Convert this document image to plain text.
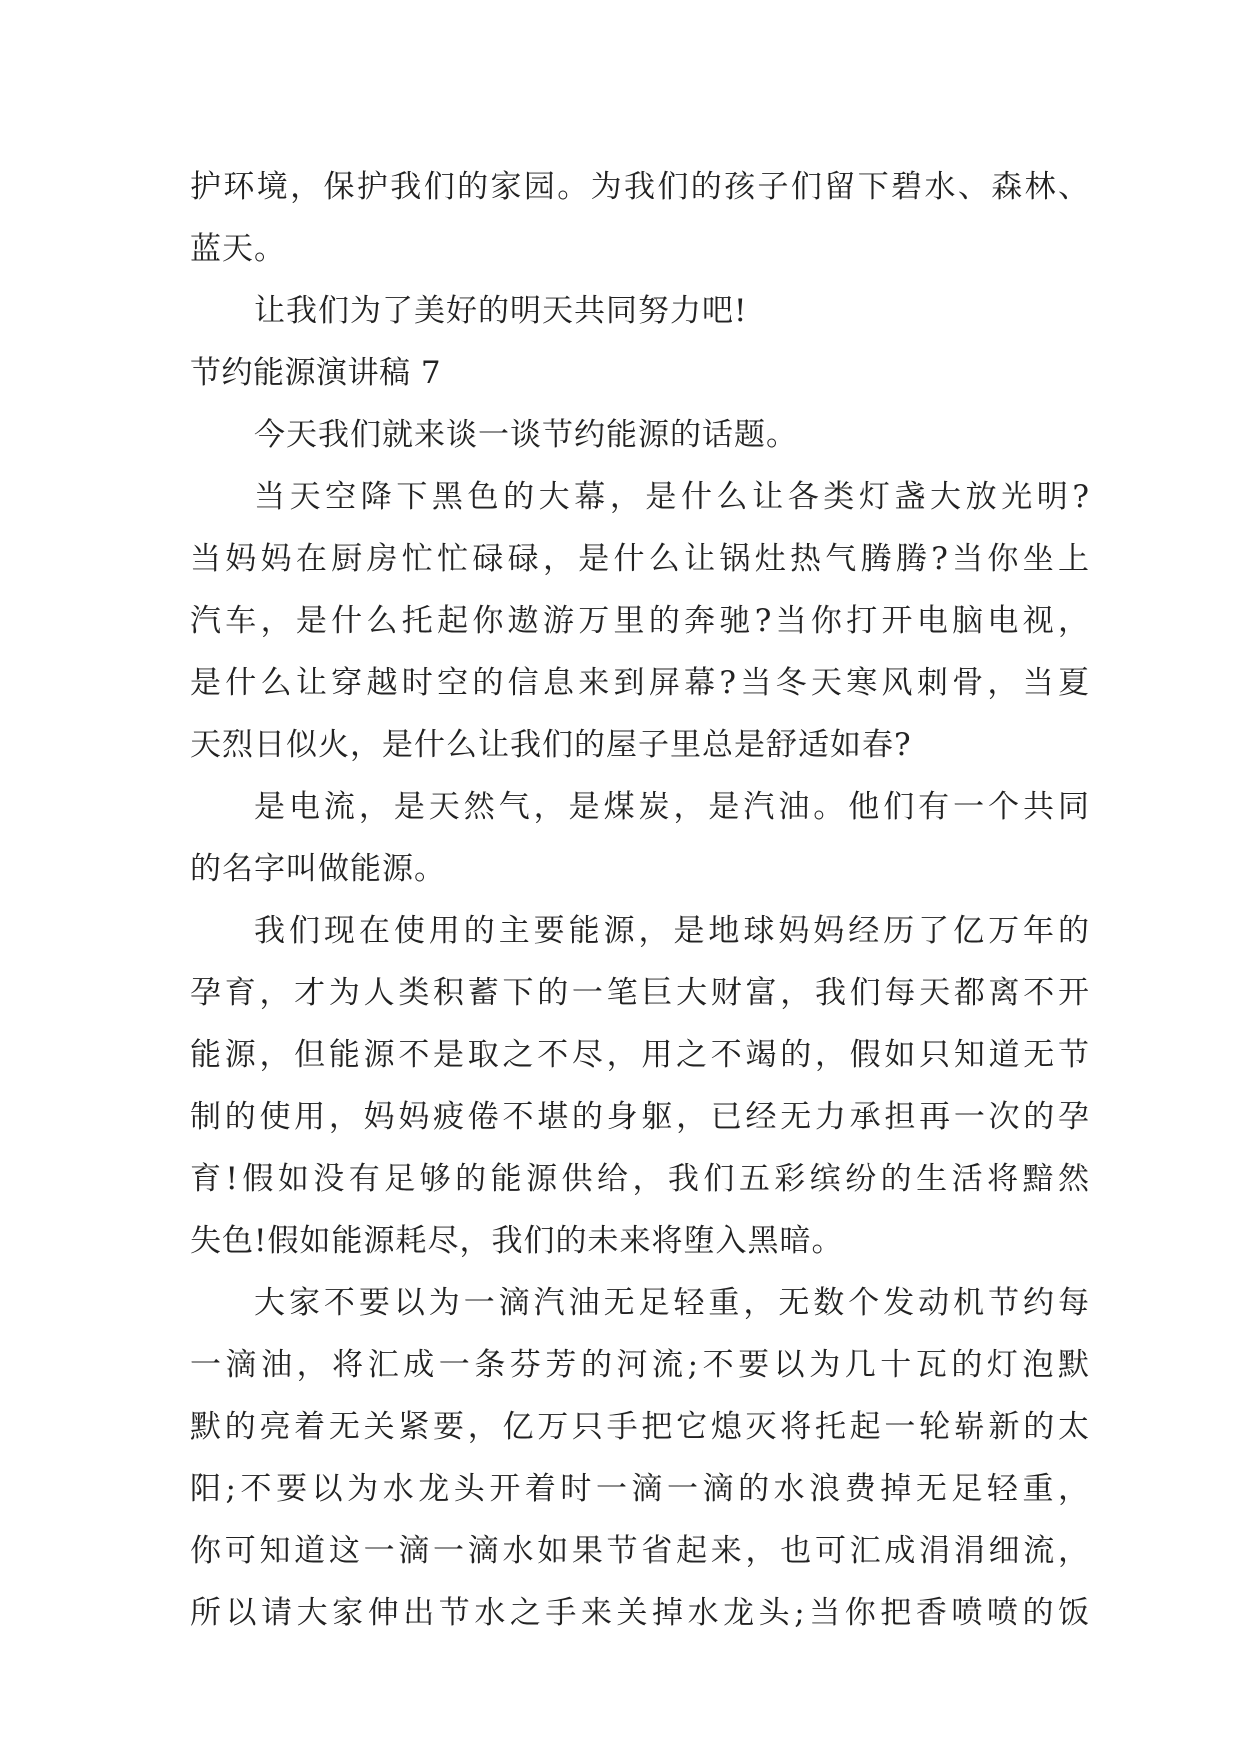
护环境，保护我们的家园。为我们的孩子们留下碧水、森林、
蓝天。
让我们为了美好的明天共同努力吧!
节约能源演讲稿 7
今天我们就来谈一谈节约能源的话题。
当天空降下黑色的大幕，是什么让各类灯盏大放光明?
当妈妈在厨房忙忙碌碌，是什么让锅灶热气腾腾?当你坐上
汽车，是什么托起你遨游万里的奔驰?当你打开电脑电视，
是什么让穿越时空的信息来到屏幕?当冬天寒风刺骨，当夏
天烈日似火，是什么让我们的屋子里总是舒适如春?
是电流，是天然气，是煤炭，是汽油。他们有一个共同
的名字叫做能源。
我们现在使用的主要能源，是地球妈妈经历了亿万年的
孕育，才为人类积蓄下的一笔巨大财富，我们每天都离不开
能源，但能源不是取之不尽，用之不竭的，假如只知道无节
制的使用，妈妈疲倦不堪的身躯，已经无力承担再一次的孕
育!假如没有足够的能源供给，我们五彩缤纷的生活将黯然
失色!假如能源耗尽，我们的未来将堕入黑暗。
大家不要以为一滴汽油无足轻重，无数个发动机节约每
一滴油，将汇成一条芬芳的河流;不要以为几十瓦的灯泡默
默的亮着无关紧要，亿万只手把它熄灭将托起一轮崭新的太
阳;不要以为水龙头开着时一滴一滴的水浪费掉无足轻重，
你可知道这一滴一滴水如果节省起来，也可汇成涓涓细流，
所以请大家伸出节水之手来关掉水龙头;当你把香喷喷的饭
